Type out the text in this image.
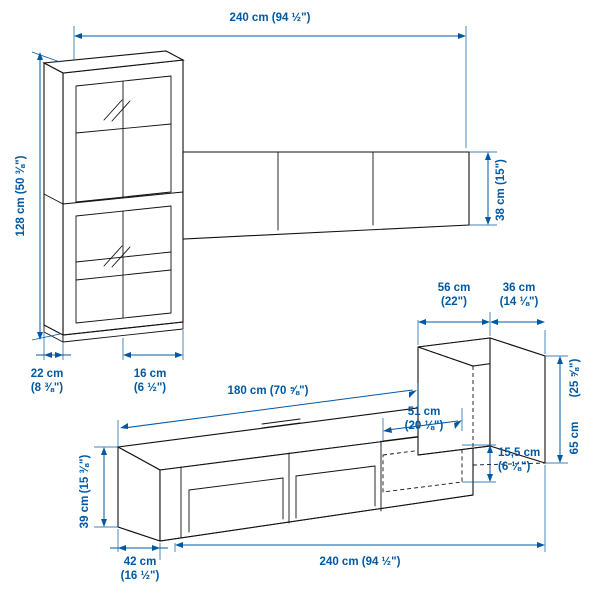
240 cm (94 ½")
128 cm (50 ⅜")	38 cm (15")
22 cm
(8 ⅜")
16 cm
(6 ½")
56 cm
(22")
36 cm
(14 ⅛")
(25 ⅝")
65 cm
180 cm (70 ⅝")
51 cm
(20 ⅛")
15,5 cm
(6 ⅛")
(15 ⅜")
39 cm
42 cm
(16 ½")
240 cm (94 ½")
